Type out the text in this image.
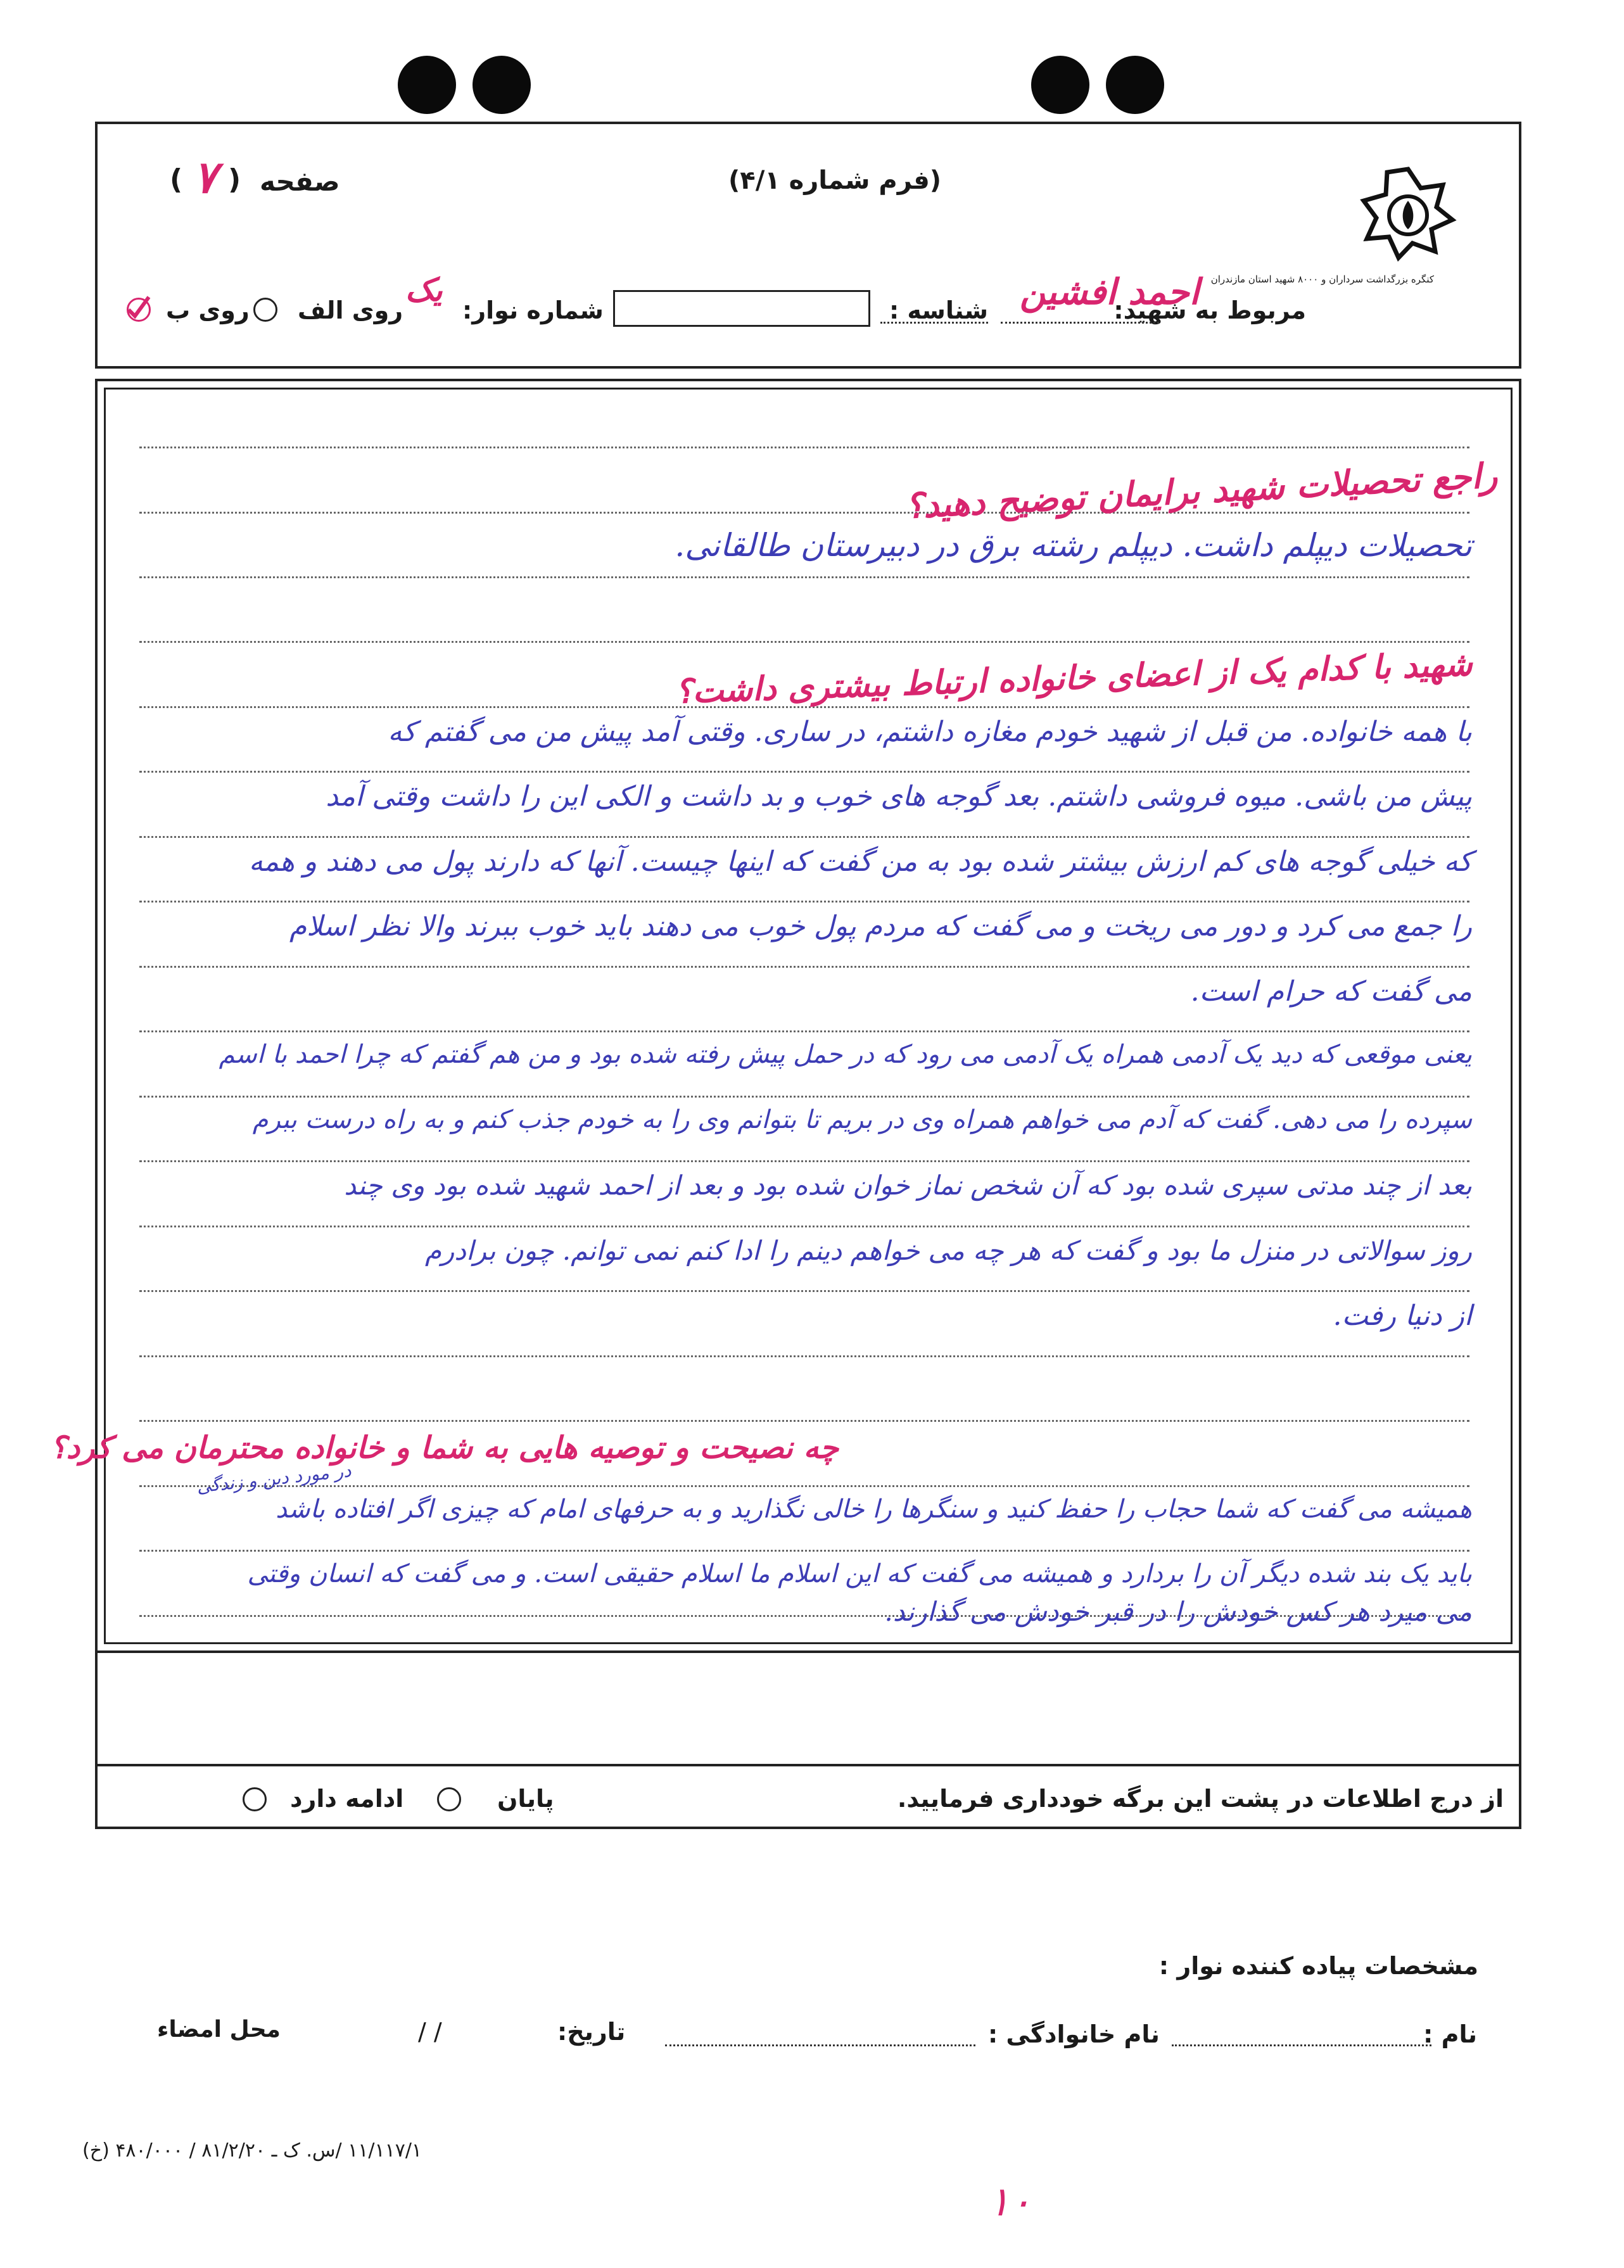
کنگره بزرگداشت سرداران و ۸۰۰۰ شهید استان مازندران
(فرم شماره ۴/۱)
صفحه
(
۷
)
مربوط به شهید:
احمد افشین
شناسه :
شماره نوار:
یک
روی الف
روی ب
راجع تحصیلات شهید برایمان توضیح دهید؟
تحصیلات دیپلم داشت. دیپلم رشته برق در دبیرستان طالقانی.
شهید با کدام یک از اعضای خانواده ارتباط بیشتری داشت؟
با همه خانواده. من قبل از شهید خودم مغازه داشتم، در ساری. وقتی آمد پیش من می گفتم که
پیش من باشی. میوه فروشی داشتم. بعد گوجه های خوب و بد داشت و الکی این را داشت وقتی آمد
که خیلی گوجه های کم ارزش بیشتر شده بود به من گفت که اینها چیست. آنها که دارند پول می دهند و همه
را جمع می کرد و دور می ریخت و می گفت که مردم پول خوب می دهند باید خوب ببرند والا نظر اسلام
می گفت که حرام است.
یعنی موقعی که دید یک آدمی همراه یک آدمی می رود که در حمل پیش رفته شده بود و من هم گفتم که چرا احمد با اسم
سپرده را می دهی. گفت که آدم می خواهم همراه وی در بریم تا بتوانم وی را به خودم جذب کنم و به راه درست ببرم
بعد از چند مدتی سپری شده بود که آن شخص نماز خوان شده بود و بعد از احمد شهید شده بود وی چند
روز سوالاتی در منزل ما بود و گفت که هر چه می خواهم دینم را ادا کنم نمی توانم. چون برادرم
از دنیا رفت.
در مورد دین و زندگی
چه نصیحت و توصیه هایی به شما و خانواده محترمان می کرد؟
همیشه می گفت که شما حجاب را حفظ کنید و سنگرها را خالی نگذارید و به حرفهای امام که چیزی اگر افتاده باشد
باید یک بند شده دیگر آن را بردارد و همیشه می گفت که این اسلام ما اسلام حقیقی است. و می گفت که انسان وقتی
می میرد هر کس خودش را در قبر خودش می گذارند.
از درج اطلاعات در پشت این برگه خودداری فرمایید.
پایان
ادامه دارد
مشخصات پیاده کننده نوار :
نام :
نام خانوادگی :
تاریخ:
/ /
محل امضاء
۱۱/۱۱۷/۱ /س. ک ـ ۸۱/۲/۲۰ / ۴۸۰/۰۰۰ (خ)
۱۰
